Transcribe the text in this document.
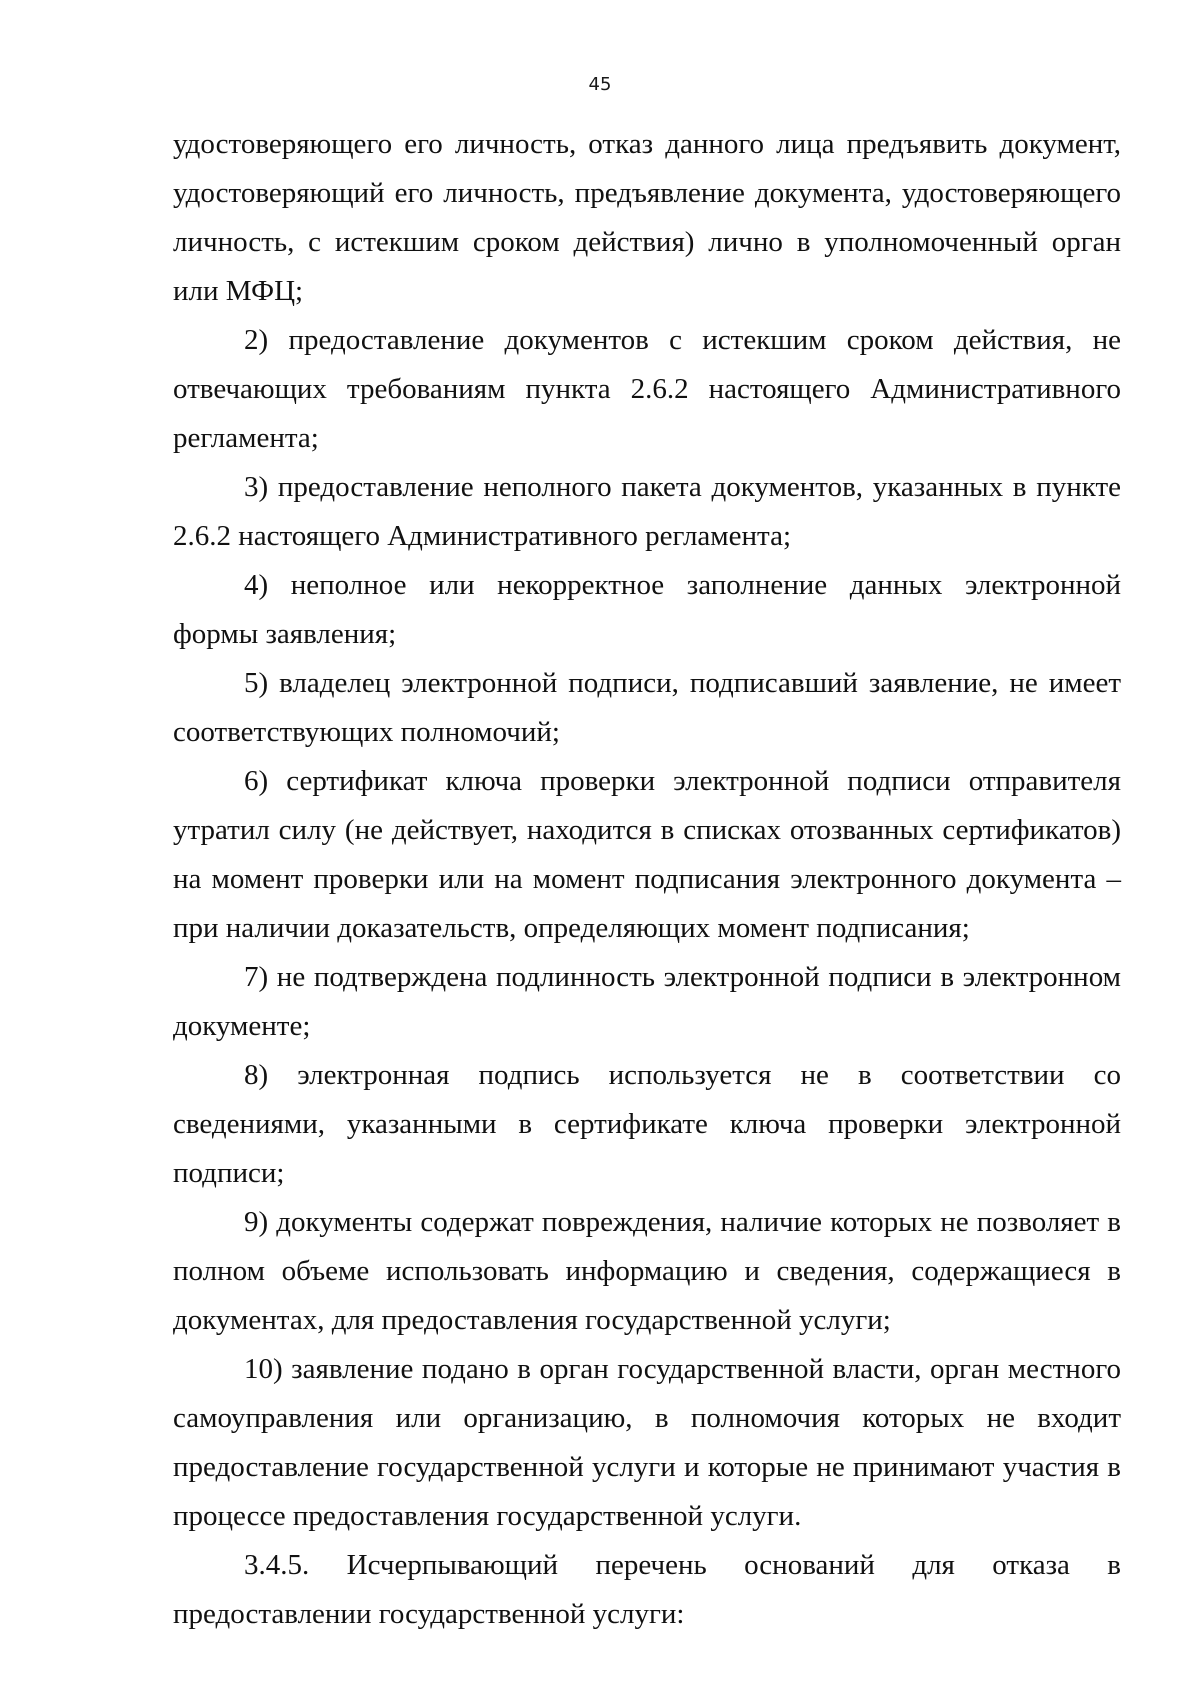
45

удостоверяющего его личность, отказ данного лица предъявить документ, удостоверяющий его личность, предъявление документа, удостоверяющего личность, с истекшим сроком действия) лично в уполномоченный орган или МФЦ;

2) предоставление документов с истекшим сроком действия, не отвечающих требованиям пункта 2.6.2 настоящего Административного регламента;

3) предоставление неполного пакета документов, указанных в пункте 2.6.2 настоящего Административного регламента;

4) неполное или некорректное заполнение данных электронной формы заявления;

5) владелец электронной подписи, подписавший заявление, не имеет соответствующих полномочий;

6) сертификат ключа проверки электронной подписи отправителя утратил силу (не действует, находится в списках отозванных сертификатов) на момент проверки или на момент подписания электронного документа – при наличии доказательств, определяющих момент подписания;

7) не подтверждена подлинность электронной подписи в электронном документе;

8) электронная подпись используется не в соответствии со сведениями, указанными в сертификате ключа проверки электронной подписи;

9) документы содержат повреждения, наличие которых не позволяет в полном объеме использовать информацию и сведения, содержащиеся в документах, для предоставления государственной услуги;

10) заявление подано в орган государственной власти, орган местного самоуправления или организацию, в полномочия которых не входит предоставление государственной услуги и которые не принимают участия в процессе предоставления государственной услуги.

3.4.5. Исчерпывающий перечень оснований для отказа в предоставлении государственной услуги:
